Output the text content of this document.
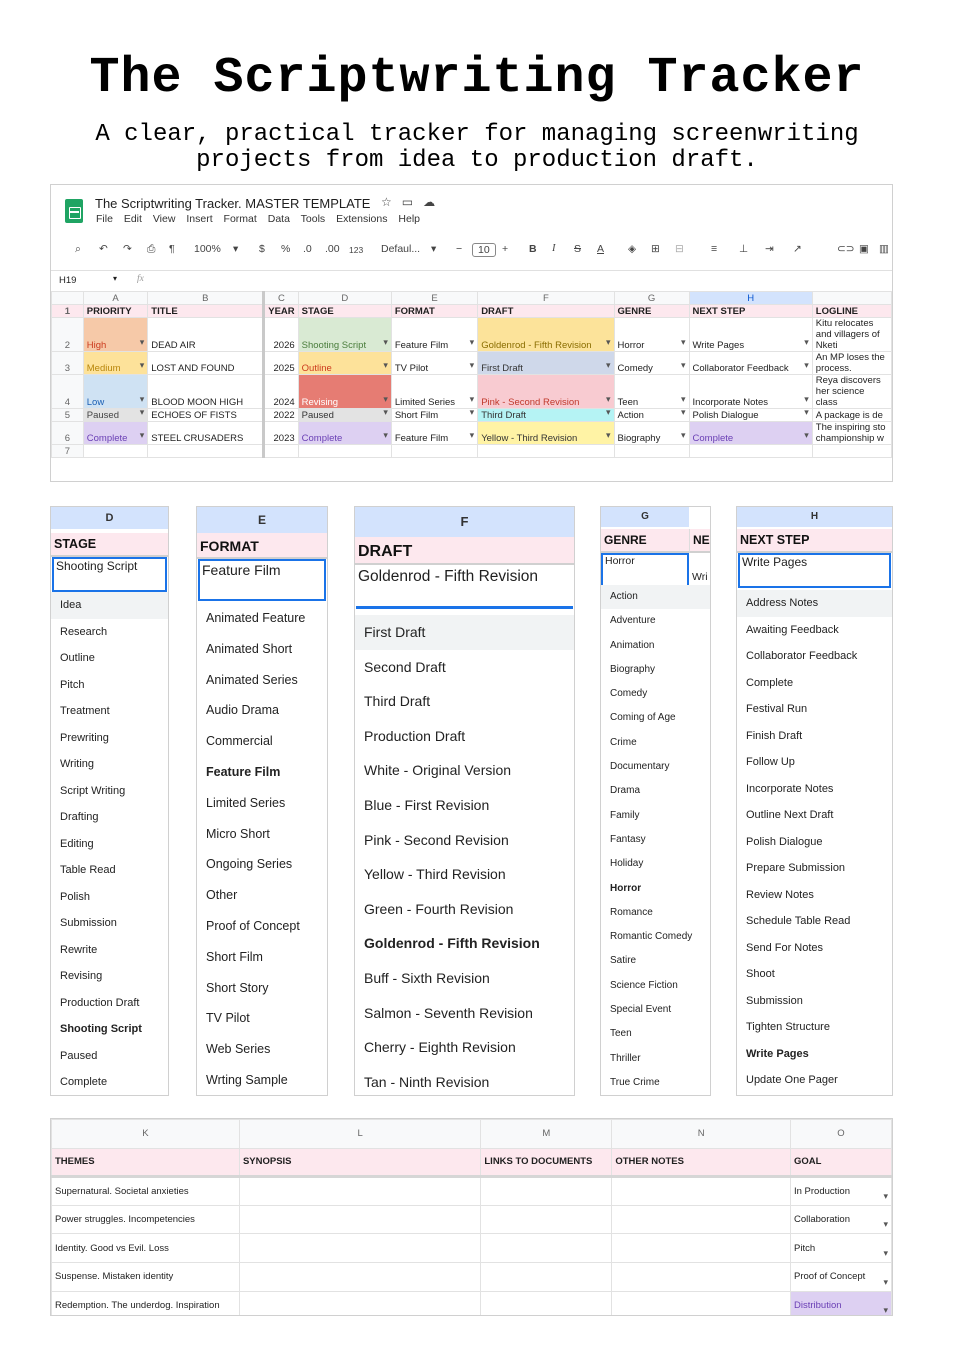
The Scriptwriting Tracker
A clear, practical tracker for managing screenwriting projects from idea to production draft.
The Scriptwriting Tracker. MASTER TEMPLATE ☆▭☁
File Edit View Insert Format Data Tools Extensions Help
⌕ ↶ ↷ ⎙ ¶ 100% ▾ $ % .0 .00 123 Defaul... ▾ −	10	+ B I S A ◈ ⊞ ⊟	≡ ⊥ ⇥ ↗	⊂⊃ ▣ ▥
H19	▾ fx
	A	B	C	D	E	F	G	H	
1	PRIORITY	TITLE	YEAR	STAGE	FORMAT	DRAFT	GENRE	NEXT STEP	LOGLINE
2	High ▾	DEAD AIR	2026	Shooting Script ▾	Feature Film ▾	Goldenrod - Fifth Revision ▾	Horror ▾	Write Pages ▾	Kitu relocates and villagers of Nketi
3	Medium ▾	LOST AND FOUND	2025	Outline ▾	TV Pilot ▾	First Draft ▾	Comedy ▾	Collaborator Feedback ▾	An MP loses the process.
4	Low ▾	BLOOD MOON HIGH	2024	Revising ▾	Limited Series ▾	Pink - Second Revision ▾	Teen ▾	Incorporate Notes ▾	Reya discovers her science class
5	Paused ▾	ECHOES OF FISTS	2022	Paused ▾	Short Film ▾	Third Draft ▾	Action ▾	Polish Dialogue ▾	A package is de
6	Complete ▾	STEEL CRUSADERS	2023	Complete ▾	Feature Film ▾	Yellow - Third Revision ▾	Biography ▾	Complete ▾	The inspiring sto championship w
7									
D
STAGE
Shooting Script
Idea
Research
Outline
Pitch
Treatment
Prewriting
Writing
Script Writing
Drafting
Editing
Table Read
Polish
Submission
Rewrite
Revising
Production Draft
Shooting Script
Paused
Complete
E
FORMAT
Feature Film
Animated Feature
Animated Short
Animated Series
Audio Drama
Commercial
Feature Film
Limited Series
Micro Short
Ongoing Series
Other
Proof of Concept
Short Film
Short Story
TV Pilot
Web Series
Wrting Sample
F
DRAFT
Goldenrod - Fifth Revision
First Draft
Second Draft
Third Draft
Production Draft
White - Original Version
Blue - First Revision
Pink - Second Revision
Yellow - Third Revision
Green - Fourth Revision
Goldenrod - Fifth Revision
Buff - Sixth Revision
Salmon - Seventh Revision
Cherry - Eighth Revision
Tan - Ninth Revision
G
GENRE	NE
Horror
Wri
Action
Adventure
Animation
Biography
Comedy
Coming of Age
Crime
Documentary
Drama
Family
Fantasy
Holiday
Horror
Romance
Romantic Comedy
Satire
Science Fiction
Special Event
Teen
Thriller
True Crime
H
NEXT STEP
Write Pages
Address Notes
Awaiting Feedback
Collaborator Feedback
Complete
Festival Run
Finish Draft
Follow Up
Incorporate Notes
Outline Next Draft
Polish Dialogue
Prepare Submission
Review Notes
Schedule Table Read
Send For Notes
Shoot
Submission
Tighten Structure
Write Pages
Update One Pager
K	L	M	N	O
THEMES	SYNOPSIS	LINKS TO DOCUMENTS	OTHER NOTES	GOAL
Supernatural. Societal anxieties				In Production ▾
Power struggles. Incompetencies				Collaboration ▾
Identity. Good vs Evil. Loss				Pitch ▾
Suspense. Mistaken identity				Proof of Concept ▾
Redemption. The underdog. Inspiration				Distribution ▾
